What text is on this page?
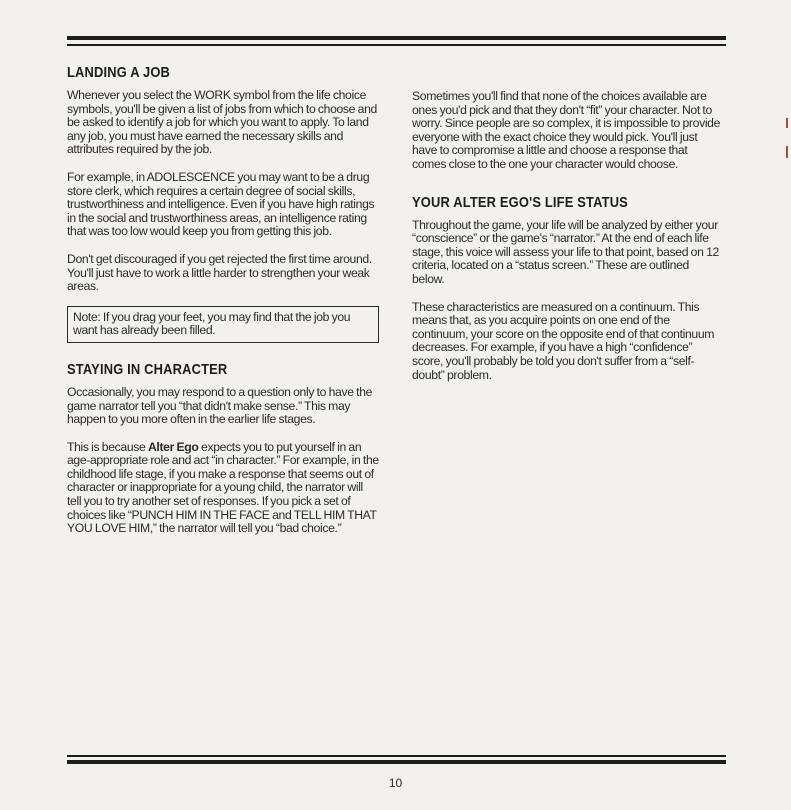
LANDING A JOB

Whenever you select the WORK symbol from the life choice symbols, you'll be given a list of jobs from which to choose and be asked to identify a job for which you want to apply. To land any job, you must have earned the necessary skills and attributes required by the job.

For example, in ADOLESCENCE you may want to be a drug store clerk, which requires a certain degree of social skills, trustworthiness and intelligence. Even if you have high ratings in the social and trustworthiness areas, an intelligence rating that was too low would keep you from getting this job.

Don't get discouraged if you get rejected the first time around. You'll just have to work a little harder to strengthen your weak areas.

Note: If you drag your feet, you may find that the job you want has already been filled.
STAYING IN CHARACTER

Occasionally, you may respond to a question only to have the game narrator tell you “that didn't make sense.” This may happen to you more often in the earlier life stages.

This is because Alter Ego expects you to put yourself in an age-appropriate role and act “in character.” For example, in the childhood life stage, if you make a response that seems out of character or inappropriate for a young child, the narrator will tell you to try another set of responses. If you pick a set of choices like “PUNCH HIM IN THE FACE and TELL HIM THAT YOU LOVE HIM,” the narrator will tell you “bad choice.”

Sometimes you'll find that none of the choices available are ones you'd pick and that they don't “fit” your character. Not to worry. Since people are so complex, it is impossible to provide everyone with the exact choice they would pick. You'll just have to compromise a little and choose a response that comes close to the one your character would choose.

YOUR ALTER EGO'S LIFE STATUS

Throughout the game, your life will be analyzed by either your “conscience” or the game's “narrator.” At the end of each life stage, this voice will assess your life to that point, based on 12 criteria, located on a “status screen.” These are outlined below.

These characteristics are measured on a continuum. This means that, as you acquire points on one end of the continuum, your score on the opposite end of that continuum decreases. For example, if you have a high “confidence” score, you'll probably be told you don't suffer from a “self-doubt” problem.

10
